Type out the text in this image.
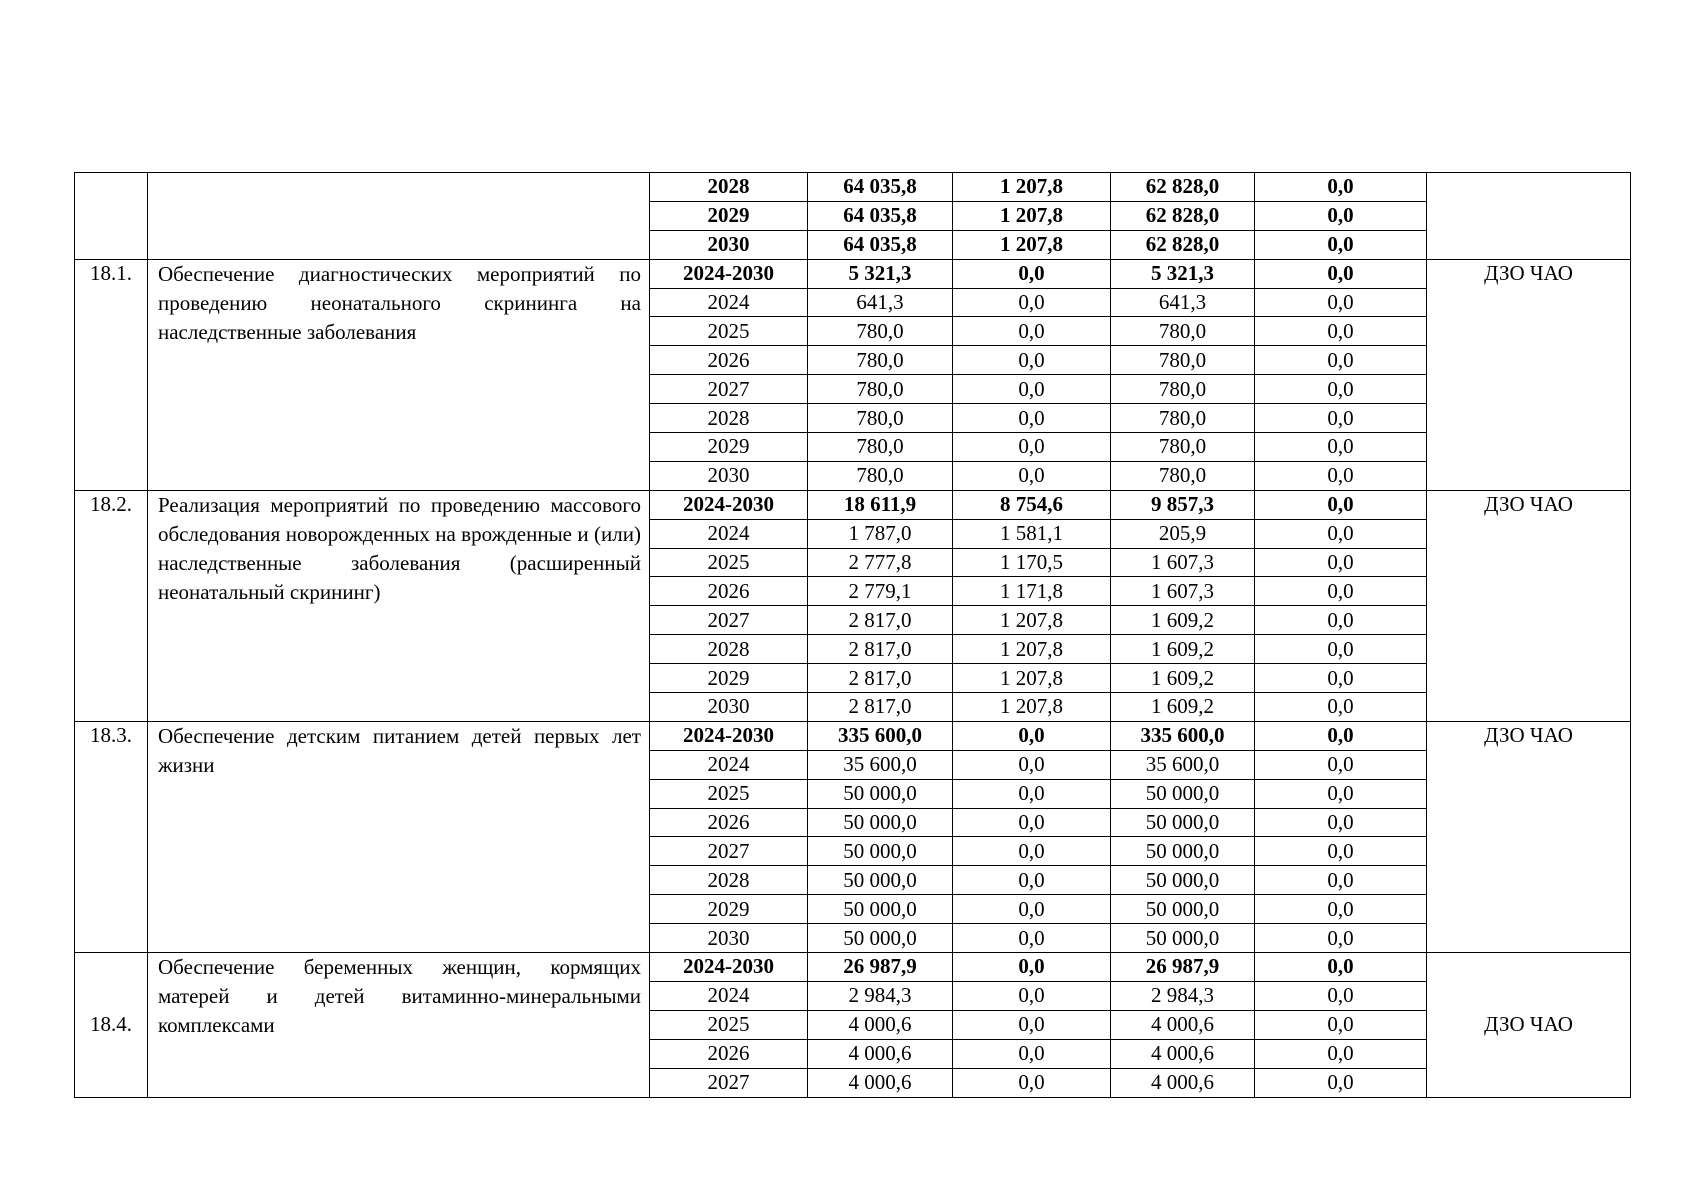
		2028	64 035,8	1 207,8	62 828,0	0,0	
		2029	64 035,8	1 207,8	62 828,0	0,0	
		2030	64 035,8	1 207,8	62 828,0	0,0	
18.1.	Обеспечение диагностических мероприятий по проведению неонатального скрининга на наследственные заболевания	2024-2030	5 321,3	0,0	5 321,3	0,0	ДЗО ЧАО
		2024	641,3	0,0	641,3	0,0	
		2025	780,0	0,0	780,0	0,0	
		2026	780,0	0,0	780,0	0,0	
		2027	780,0	0,0	780,0	0,0	
		2028	780,0	0,0	780,0	0,0	
		2029	780,0	0,0	780,0	0,0	
		2030	780,0	0,0	780,0	0,0	
18.2.	Реализация мероприятий по проведению массового обследования новорожденных на врожденные и (или) наследственные заболевания (расширенный неонатальный скрининг)	2024-2030	18 611,9	8 754,6	9 857,3	0,0	ДЗО ЧАО
		2024	1 787,0	1 581,1	205,9	0,0	
		2025	2 777,8	1 170,5	1 607,3	0,0	
		2026	2 779,1	1 171,8	1 607,3	0,0	
		2027	2 817,0	1 207,8	1 609,2	0,0	
		2028	2 817,0	1 207,8	1 609,2	0,0	
		2029	2 817,0	1 207,8	1 609,2	0,0	
		2030	2 817,0	1 207,8	1 609,2	0,0	
18.3.	Обеспечение детским питанием детей первых лет жизни	2024-2030	335 600,0	0,0	335 600,0	0,0	ДЗО ЧАО
		2024	35 600,0	0,0	35 600,0	0,0	
		2025	50 000,0	0,0	50 000,0	0,0	
		2026	50 000,0	0,0	50 000,0	0,0	
		2027	50 000,0	0,0	50 000,0	0,0	
		2028	50 000,0	0,0	50 000,0	0,0	
		2029	50 000,0	0,0	50 000,0	0,0	
		2030	50 000,0	0,0	50 000,0	0,0	
18.4.	Обеспечение беременных женщин, кормящих матерей и детей витаминно-минеральными комплексами	2024-2030	26 987,9	0,0	26 987,9	0,0	ДЗО ЧАО
		2024	2 984,3	0,0	2 984,3	0,0	
		2025	4 000,6	0,0	4 000,6	0,0	
		2026	4 000,6	0,0	4 000,6	0,0	
		2027	4 000,6	0,0	4 000,6	0,0	
